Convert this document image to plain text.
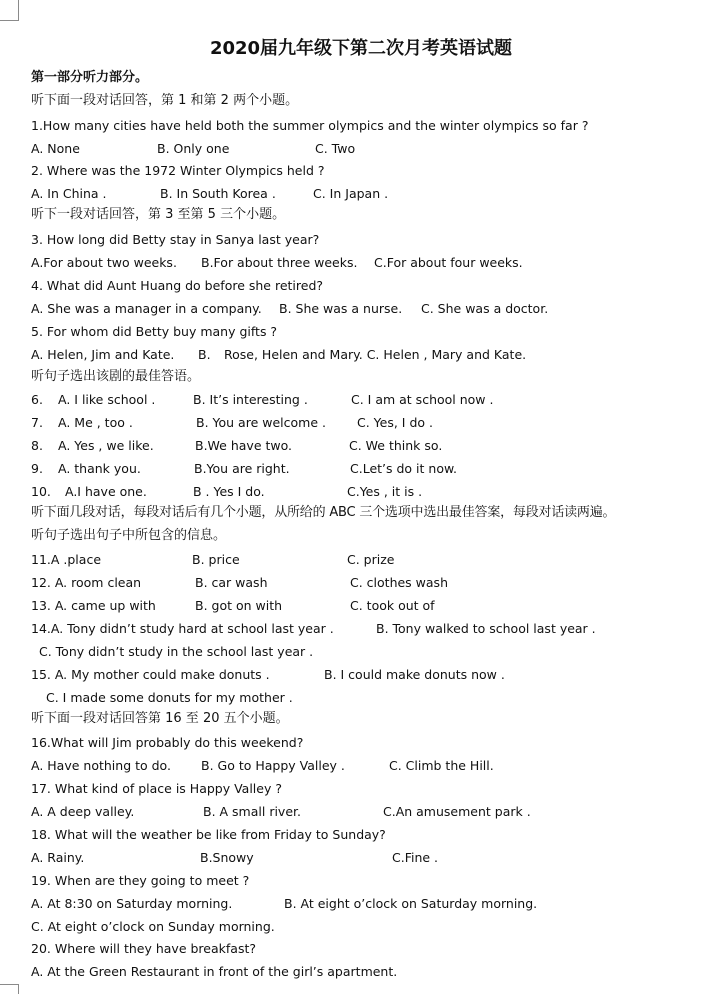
2020届九年级下第二次月考英语试题
第一部分听力部分。
听下面一段对话回答，第 1 和第 2 两个小题。
1.How many cities have held both the summer olympics and the winter olympics so far ?
A. None	B. Only one	C. Two
2. Where was the 1972 Winter Olympics held ?
A. In China .	B. In South Korea .	C. In Japan .
听下一段对话回答，第 3 至第 5 三个小题。
3. How long did Betty stay in Sanya last year?
A.For about two weeks. B.For about three weeks. C.For about four weeks.
4. What did Aunt Huang do before she retired?
A. She was a manager in a company. B. She was a nurse. C. She was a doctor.
5. For whom did Betty buy many gifts ?
A. Helen, Jim and Kate. B. Rose, Helen and Mary. C. Helen , Mary and Kate.
听句子选出该剧的最佳答语。
6. A. I like school .	B. It’s interesting .	C. I am at school now .
7. A. Me , too .	B. You are welcome . C. Yes, I do .
8. A. Yes , we like.	B.We have two.	C. We think so.
9. A. thank you.	B.You are right.	C.Let’s do it now.
10. A.I have one.	B . Yes I do.	C.Yes , it is .
听下面几段对话，每段对话后有几个小题，从所给的 ABC 三个选项中选出最佳答案，每段对话读两遍。
听句子选出句子中所包含的信息。
11.A .place	B. price	C. prize
12. A. room clean	B. car wash	C. clothes wash
13. A. came up with	B. got on with	C. took out of
14.A. Tony didn’t study hard at school last year .	B. Tony walked to school last year .
C. Tony didn’t study in the school last year .
15. A. My mother could make donuts .	B. I could make donuts now .
C. I made some donuts for my mother .
听下面一段对话回答第 16 至 20 五个小题。
16.What will Jim probably do this weekend?
A. Have nothing to do. B. Go to Happy Valley .	C. Climb the Hill.
17. What kind of place is Happy Valley ?
A. A deep valley.	B. A small river.	C.An amusement park .
18. What will the weather be like from Friday to Sunday?
A. Rainy.	B.Snowy	C.Fine .
19. When are they going to meet ?
A. At 8:30 on Saturday morning.	B. At eight o’clock on Saturday morning.
C. At eight o’clock on Sunday morning.
20. Where will they have breakfast?
A. At the Green Restaurant in front of the girl’s apartment.
